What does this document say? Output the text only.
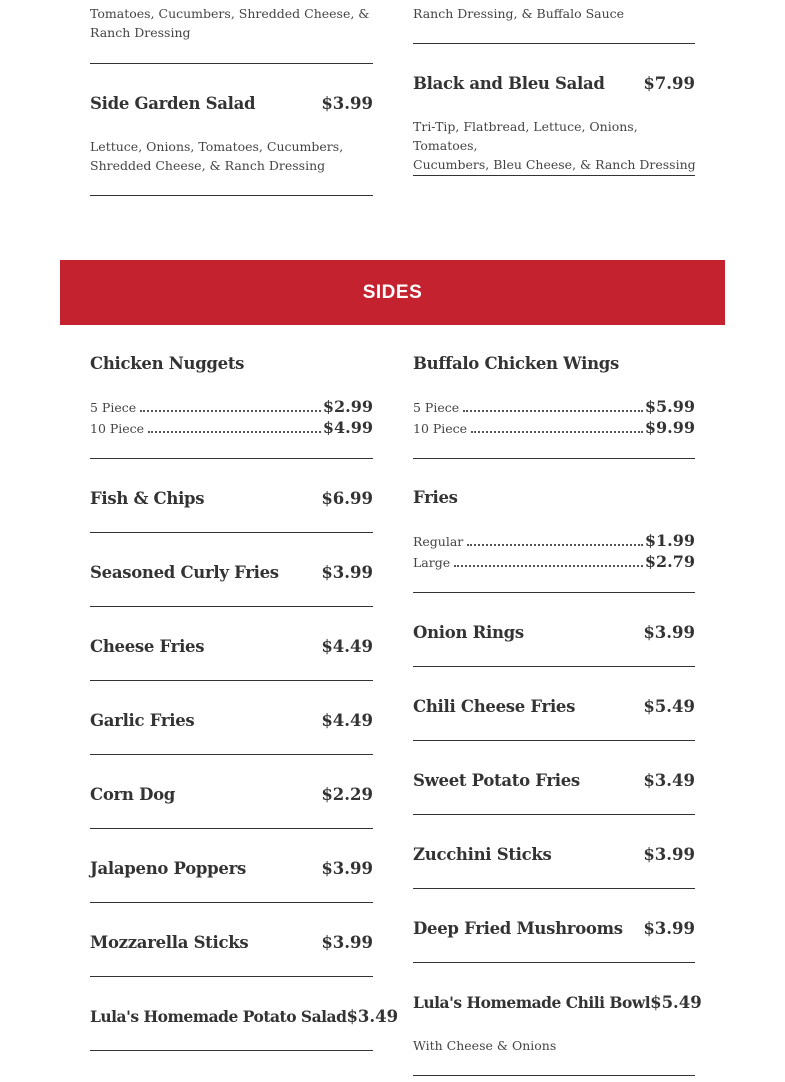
Tomatoes, Cucumbers, Shredded Cheese, &
Ranch Dressing
Side Garden Salad	$3.99
Lettuce, Onions, Tomatoes, Cucumbers,
Shredded Cheese, & Ranch Dressing
Ranch Dressing, & Buffalo Sauce
Black and Bleu Salad $7.99
Tri-Tip, Flatbread, Lettuce, Onions, Tomatoes,
Cucumbers, Bleu Cheese, & Ranch Dressing
SIDES
Chicken Nuggets
5 Piece	$2.99
10 Piece	$4.99
Fish & Chips	$6.99
Seasoned Curly Fries	$3.99
Cheese Fries	$4.49
Garlic Fries	$4.49
Corn Dog	$2.29
Jalapeno Poppers	$3.99
Mozzarella Sticks	$3.99
Lula's Homemade Potato Salad $3.49
Buffalo Chicken Wings
5 Piece	$5.99
10 Piece	$9.99
Fries
Regular	$1.99
Large	$2.79
Onion Rings	$3.99
Chili Cheese Fries	$5.49
Sweet Potato Fries	$3.49
Zucchini Sticks	$3.99
Deep Fried Mushrooms $3.99
Lula's Homemade Chili Bowl $5.49
With Cheese & Onions
